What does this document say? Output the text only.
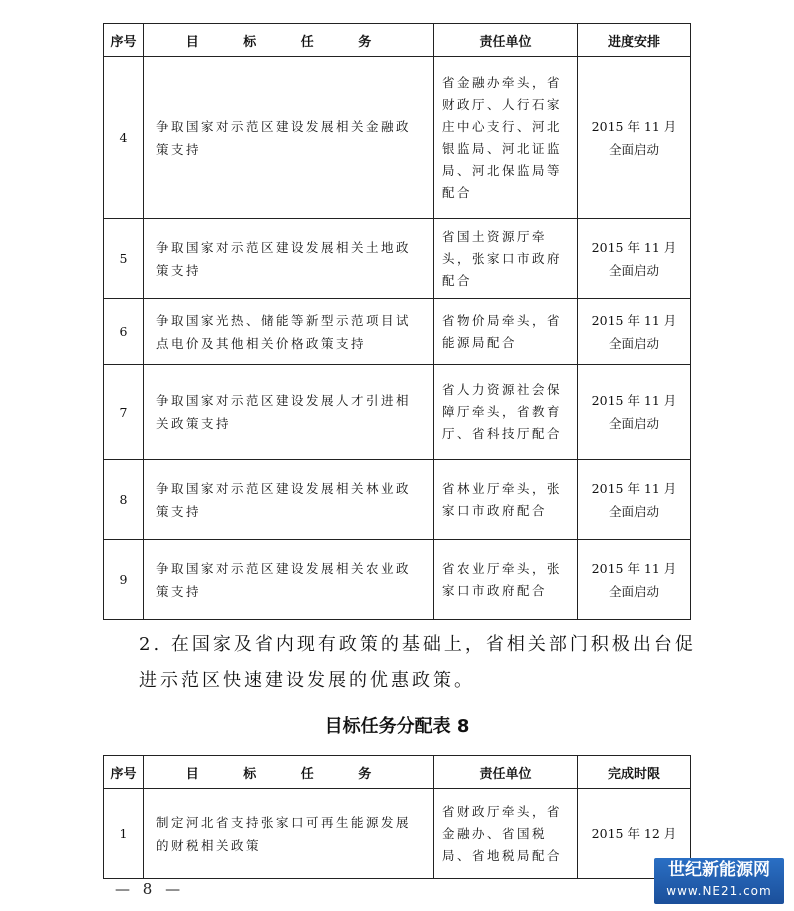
序号	目 标 任 务	责任单位	进度安排
4	争取国家对示范区建设发展相关金融政策支持	省金融办牵头，省财政厅、人行石家庄中心支行、河北银监局、河北证监局、河北保监局等配合	2015 年 11 月
全面启动

5	争取国家对示范区建设发展相关土地政策支持	省国土资源厅牵头，张家口市政府配合	2015 年 11 月
全面启动

6	争取国家光热、储能等新型示范项目试点电价及其他相关价格政策支持	省物价局牵头，省能源局配合	2015 年 11 月
全面启动

7	争取国家对示范区建设发展人才引进相关政策支持	省人力资源社会保障厅牵头，省教育厅、省科技厅配合	2015 年 11 月
全面启动

8	争取国家对示范区建设发展相关林业政策支持	省林业厅牵头，张家口市政府配合	2015 年 11 月
全面启动

9	争取国家对示范区建设发展相关农业政策支持	省农业厅牵头，张家口市政府配合	2015 年 11 月
全面启动
2. 在国家及省内现有政策的基础上，省相关部门积极出台促进示范区快速建设发展的优惠政策。
目标任务分配表 8
序号	目 标 任 务	责任单位	完成时限
1	制定河北省支持张家口可再生能源发展的财税相关政策	省财政厅牵头，省金融办、省国税局、省地税局配合	2015 年 12 月
— 8 —
世纪新能源网
www.NE21.com
